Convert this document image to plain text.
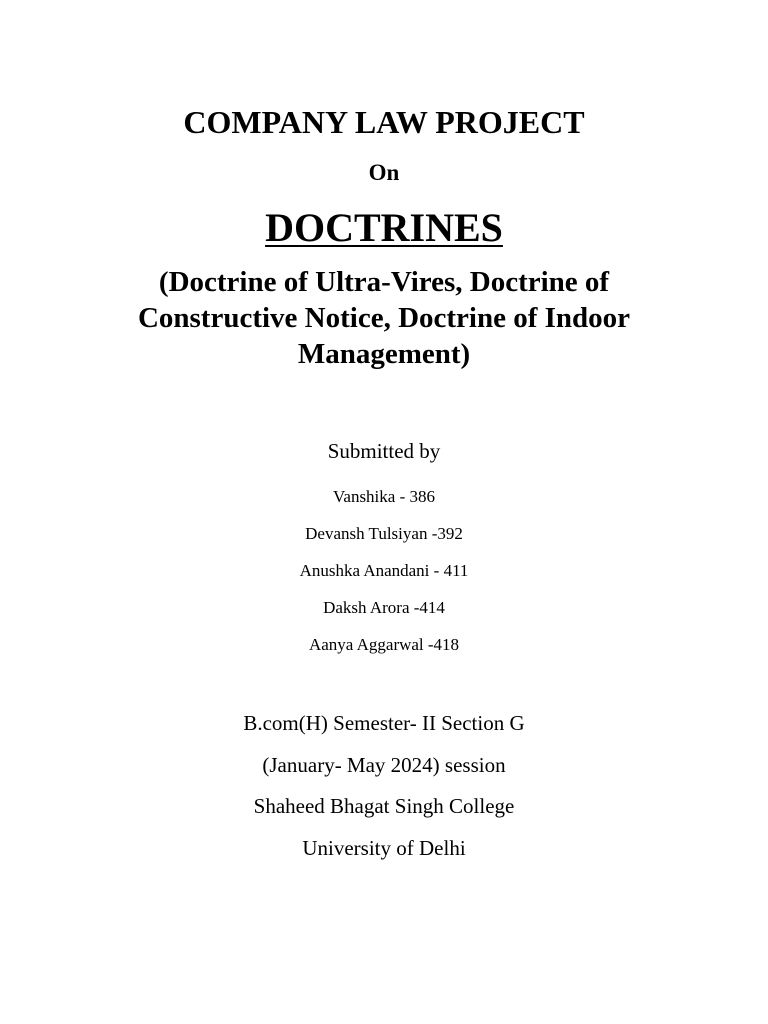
COMPANY LAW PROJECT
On
DOCTRINES
(Doctrine of Ultra-Vires, Doctrine of
Constructive Notice, Doctrine of Indoor
Management)
Submitted by
Vanshika - 386
Devansh Tulsiyan -392
Anushka Anandani - 411
Daksh Arora -414
Aanya Aggarwal -418
B.com(H) Semester- II Section G
(January- May 2024) session
Shaheed Bhagat Singh College
University of Delhi
